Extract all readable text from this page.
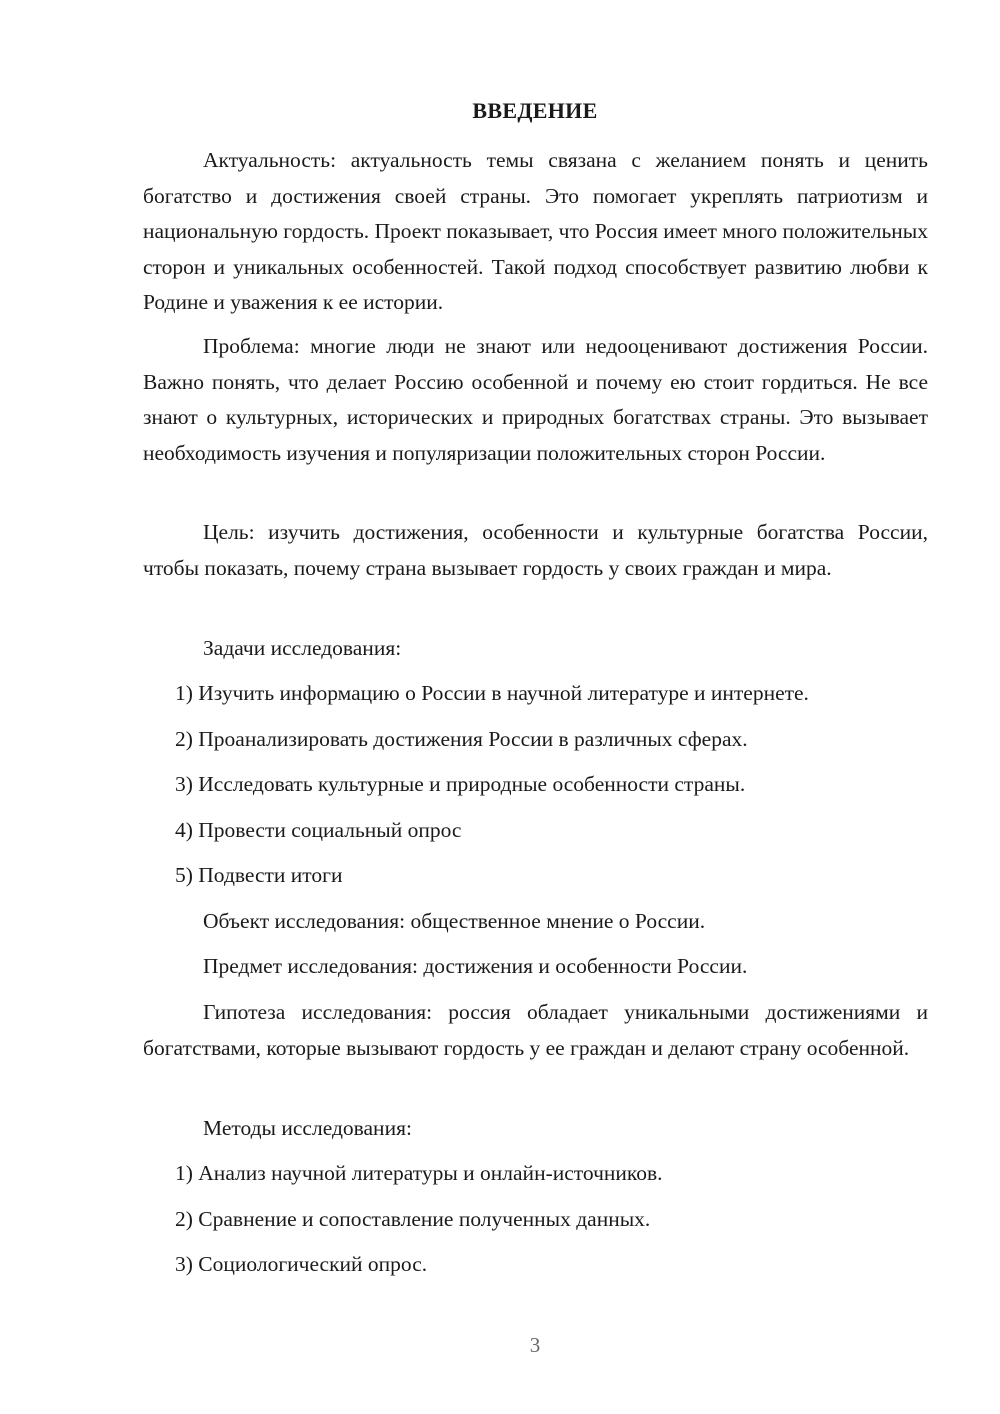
ВВЕДЕНИЕ

Актуальность: актуальность темы связана с желанием понять и ценить богатство и достижения своей страны. Это помогает укреплять патриотизм и национальную гордость. Проект показывает, что Россия имеет много положительных сторон и уникальных особенностей. Такой подход способствует развитию любви к Родине и уважения к ее истории.

Проблема: многие люди не знают или недооценивают достижения России. Важно понять, что делает Россию особенной и почему ею стоит гордиться. Не все знают о культурных, исторических и природных богатствах страны. Это вызывает необходимость изучения и популяризации положительных сторон России.

Цель: изучить достижения, особенности и культурные богатства России, чтобы показать, почему страна вызывает гордость у своих граждан и мира.

Задачи исследования:

1) Изучить информацию о России в научной литературе и интернете.

2) Проанализировать достижения России в различных сферах.

3) Исследовать культурные и природные особенности страны.

4) Провести социальный опрос

5) Подвести итоги

Объект исследования: общественное мнение о России.

Предмет исследования: достижения и особенности России.

Гипотеза исследования: россия обладает уникальными достижениями и богатствами, которые вызывают гордость у ее граждан и делают страну особенной.

Методы исследования:

1) Анализ научной литературы и онлайн-источников.

2) Сравнение и сопоставление полученных данных.

3) Социологический опрос.

3
